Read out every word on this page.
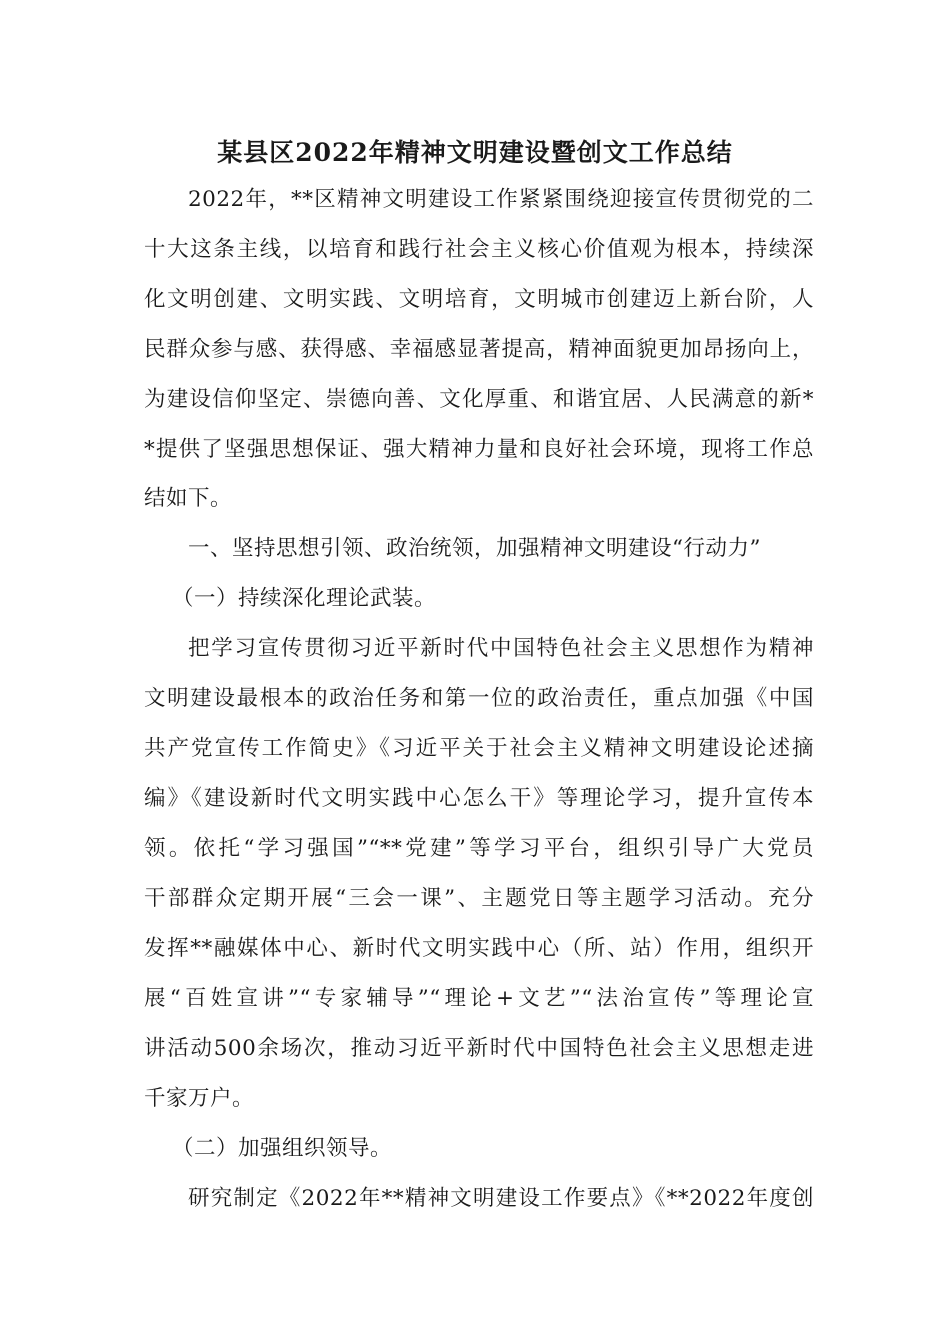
某县区2022年精神文明建设暨创文工作总结
2022年，**区精神文明建设工作紧紧围绕迎接宣传贯彻党的二
十大这条主线，以培育和践行社会主义核心价值观为根本，持续深
化文明创建、文明实践、文明培育，文明城市创建迈上新台阶，人
民群众参与感、获得感、幸福感显著提高，精神面貌更加昂扬向上，
为建设信仰坚定、崇德向善、文化厚重、和谐宜居、人民满意的新*
*提供了坚强思想保证、强大精神力量和良好社会环境，现将工作总
结如下。
一、坚持思想引领、政治统领，加强精神文明建设“行动力”
（一）持续深化理论武装。
把学习宣传贯彻习近平新时代中国特色社会主义思想作为精神
文明建设最根本的政治任务和第一位的政治责任，重点加强《中国
共产党宣传工作简史》《习近平关于社会主义精神文明建设论述摘
编》《建设新时代文明实践中心怎么干》等理论学习，提升宣传本
领。依托“学习强国”“**党建”等学习平台，组织引导广大党员
干部群众定期开展“三会一课”、主题党日等主题学习活动。充分
发挥**融媒体中心、新时代文明实践中心（所、站）作用，组织开
展“百姓宣讲”“专家辅导”“理论+文艺”“法治宣传”等理论宣
讲活动500余场次，推动习近平新时代中国特色社会主义思想走进
千家万户。
（二）加强组织领导。
研究制定《2022年**精神文明建设工作要点》《**2022年度创
